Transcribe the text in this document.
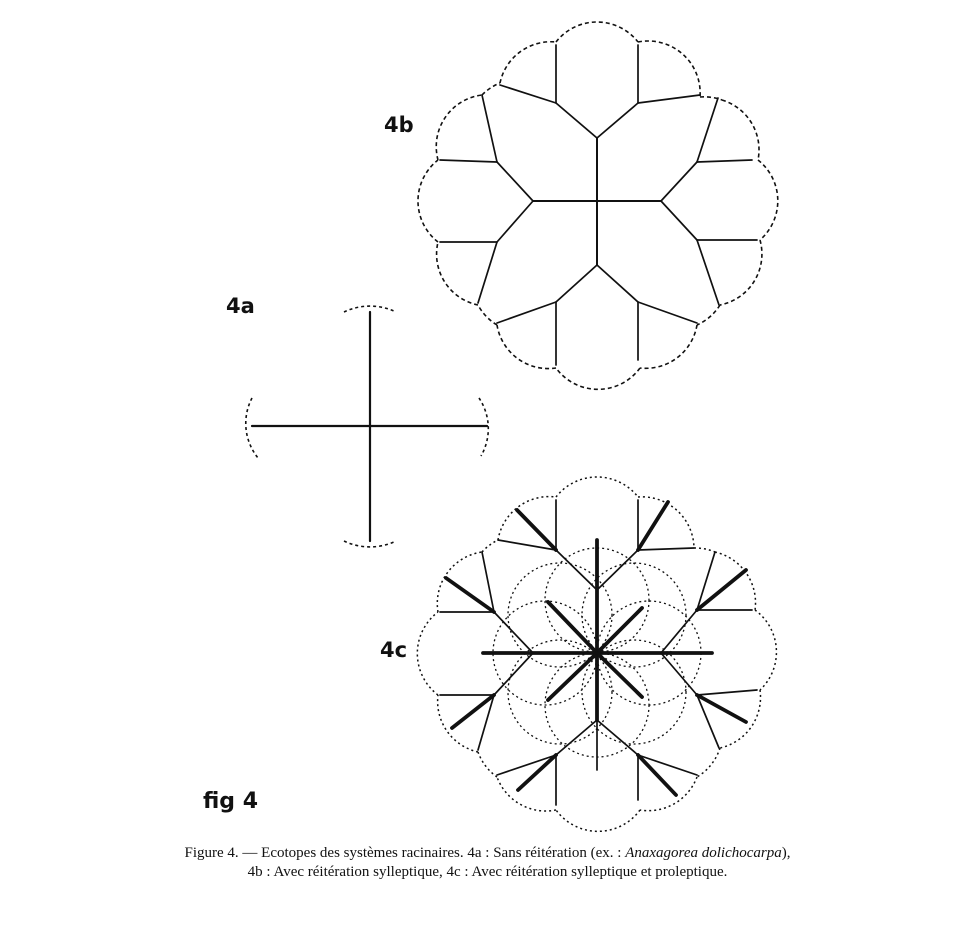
4b
4a
4c
fig 4
Figure 4. — Ecotopes des systèmes racinaires. 4a : Sans réitération (ex. : Anaxagorea dolichocarpa),
4b : Avec réitération sylleptique, 4c : Avec réitération sylleptique et proleptique.
